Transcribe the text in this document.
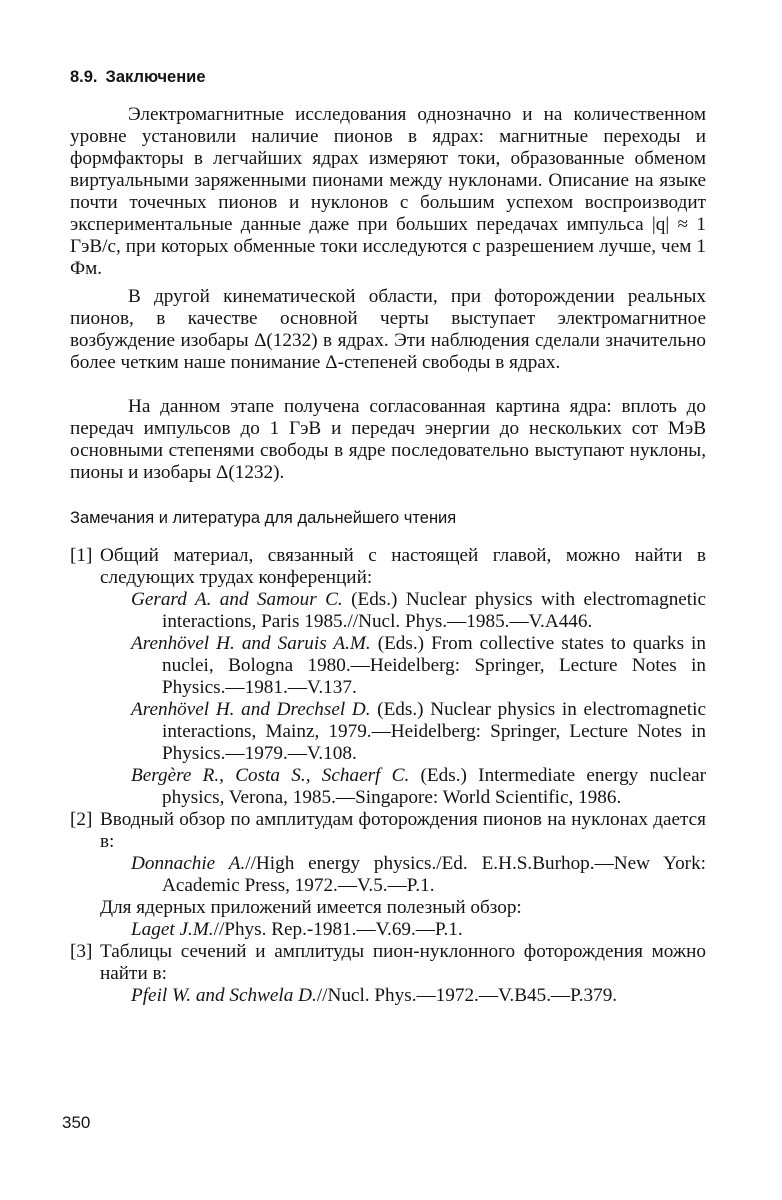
8.9. Заключение

Электромагнитные исследования однозначно и на количественном уровне установили наличие пионов в ядрах: магнитные переходы и формфакторы в легчайших ядрах измеряют токи, образованные обменом виртуальными заряженными пионами между нуклонами. Описание на языке почти точечных пионов и нуклонов с большим успехом воспроизводит экспериментальные данные даже при больших передачах импульса |q| ≈ 1 ГэВ/c, при которых обменные токи исследуются с разрешением лучше, чем 1 Фм.

В другой кинематической области, при фоторождении реальных пионов, в качестве основной черты выступает электромагнитное возбуждение изобары Δ(1232) в ядрах. Эти наблюдения сделали значительно более четким наше понимание Δ-степеней свободы в ядрах.

На данном этапе получена согласованная картина ядра: вплоть до передач импульсов до 1 ГэВ и передач энергии до нескольких сот МэВ основными степенями свободы в ядре последовательно выступают нуклоны, пионы и изобары Δ(1232).

Замечания и литература для дальнейшего чтения
[1] Общий материал, связанный с настоящей главой, можно найти в следующих трудах конференций:
Gerard A. and Samour C. (Eds.) Nuclear physics with electromagnetic interactions, Paris 1985.//Nucl. Phys.—1985.—V.A446.
Arenhövel H. and Saruis A.M. (Eds.) From collective states to quarks in nuclei, Bologna 1980.—Heidelberg: Springer, Lecture Notes in Physics.—1981.—V.137.
Arenhövel H. and Drechsel D. (Eds.) Nuclear physics in electromagnetic interactions, Mainz, 1979.—Heidelberg: Springer, Lecture Notes in Physics.—1979.—V.108.
Bergère R., Costa S., Schaerf C. (Eds.) Intermediate energy nuclear physics, Verona, 1985.—Singapore: World Scientific, 1986.
[2] Вводный обзор по амплитудам фоторождения пионов на нуклонах дается в:
Donnachie A.//High energy physics./Ed. E.H.S.Burhop.—New York: Academic Press, 1972.—V.5.—P.1.
Для ядерных приложений имеется полезный обзор:
Laget J.M.//Phys. Rep.-1981.—V.69.—P.1.
[3] Таблицы сечений и амплитуды пион-нуклонного фоторождения можно найти в:
Pfeil W. and Schwela D.//Nucl. Phys.—1972.—V.B45.—P.379.
350
